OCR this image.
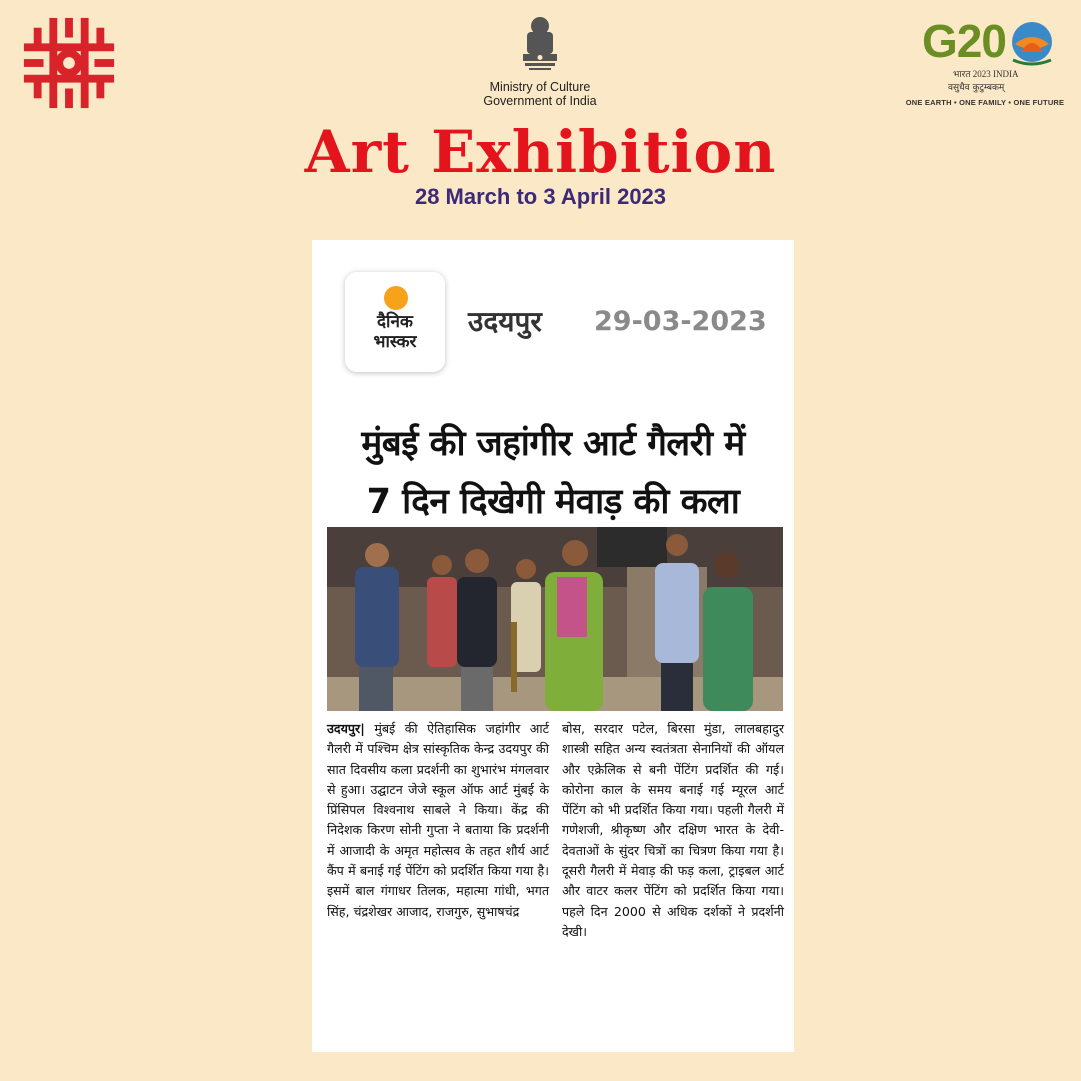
Ministry of Culture
Government of India
G20
भारत 2023 INDIA
वसुधैव कुटुम्बकम्
ONE EARTH • ONE FAMILY • ONE FUTURE
Art Exhibition
28 March to 3 April 2023
दैनिक
भास्कर
उदयपुर 29-03-2023
मुंबई की जहांगीर आर्ट गैलरी में
7 दिन दिखेगी मेवाड़ की कला
उदयपुर| मुंबई की ऐतिहासिक जहांगीर आर्ट गैलरी में पश्चिम क्षेत्र सांस्कृतिक केन्द्र उदयपुर की सात दिवसीय कला प्रदर्शनी का शुभारंभ मंगलवार से हुआ। उद्घाटन जेजे स्कूल ऑफ आर्ट मुंबई के प्रिंसिपल विश्वनाथ साबले ने किया। केंद्र की निदेशक किरण सोनी गुप्ता ने बताया कि प्रदर्शनी में आजादी के अमृत महोत्सव के तहत शौर्य आर्ट कैंप में बनाई गई पेंटिंग को प्रदर्शित किया गया है। इसमें बाल गंगाधर तिलक, महात्मा गांधी, भगत सिंह, चंद्रशेखर आजाद, राजगुरु, सुभाषचंद्र
बोस, सरदार पटेल, बिरसा मुंडा, लालबहादुर शास्त्री सहित अन्य स्वतंत्रता सेनानियों की ऑयल और एक्रेलिक से बनी पेंटिंग प्रदर्शित की गई। कोरोना काल के समय बनाई गई म्यूरल आर्ट पेंटिंग को भी प्रदर्शित किया गया। पहली गैलरी में गणेशजी, श्रीकृष्ण और दक्षिण भारत के देवी-देवताओं के सुंदर चित्रों का चित्रण किया गया है। दूसरी गैलरी में मेवाड़ की फड़ कला, ट्राइबल आर्ट और वाटर कलर पेंटिंग को प्रदर्शित किया गया। पहले दिन 2000 से अधिक दर्शकों ने प्रदर्शनी देखी।
